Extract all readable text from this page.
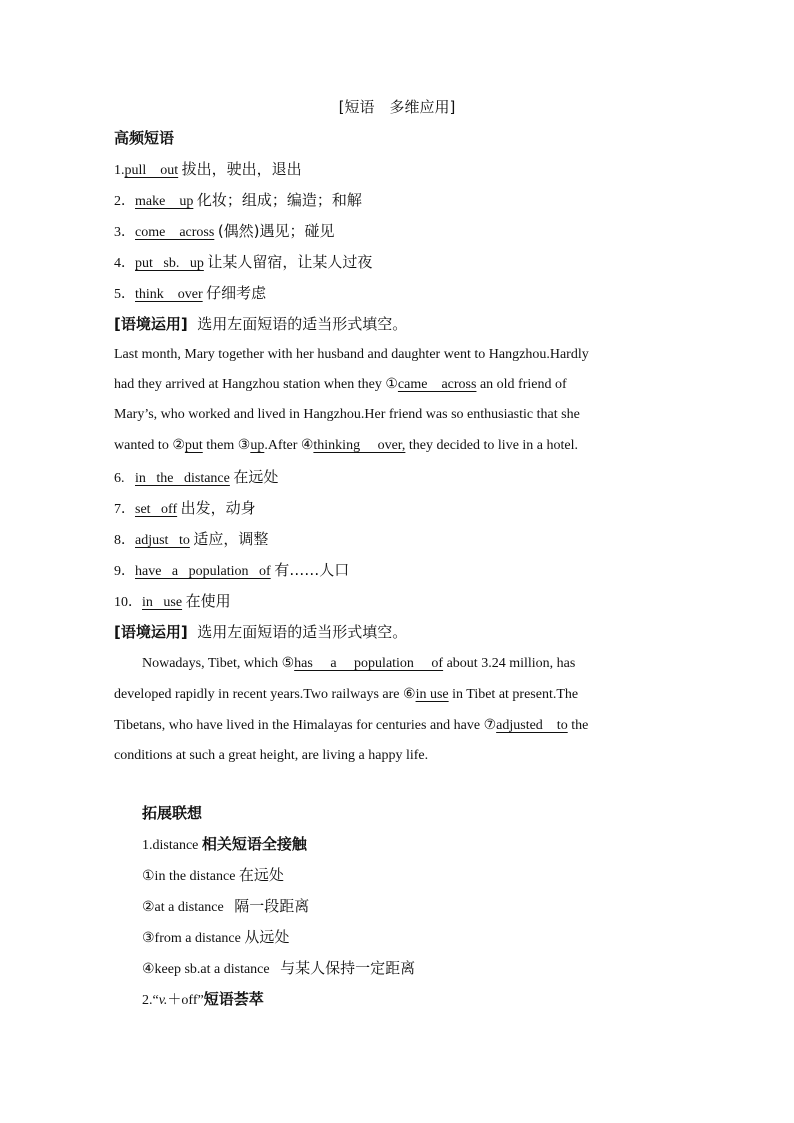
[短语　多维应用]
高频短语
1.pull    out 拔出，驶出，退出
2．make    up 化妆；组成；编造；和解
3．come    across (偶然)遇见；碰见
4．put   sb.   up 让某人留宿，让某人过夜
5．think    over 仔细考虑
[语境运用] 选用左面短语的适当形式填空。
Last month, Mary together with her husband and daughter went to Hangzhou.Hardly
had they arrived at Hangzhou station when they ①came    across an old friend of
Mary’s, who worked and lived in Hangzhou.Her friend was so enthusiastic that she
wanted to ②put them ③up.After ④thinking     over, they decided to live in a hotel.
6. in   the   distance 在远处
7．set   off 出发，动身
8．adjust   to 适应，调整
9．have   a   population   of 有……人口
10．in   use 在使用
[语境运用] 选用左面短语的适当形式填空。
Nowadays, Tibet, which ⑤has     a     population     of about 3.24 million, has
developed rapidly in recent years.Two railways are ⑥in use in Tibet at present.The
Tibetans, who have lived in the Himalayas for centuries and have ⑦adjusted    to the
conditions at such a great height, are living a happy life.
拓展联想
1.distance 相关短语全接触
①in the distance 在远处
②at a distance   隔一段距离
③from a distance 从远处
④keep sb.at a distance   与某人保持一定距离
2.“v.＋off”短语荟萃
